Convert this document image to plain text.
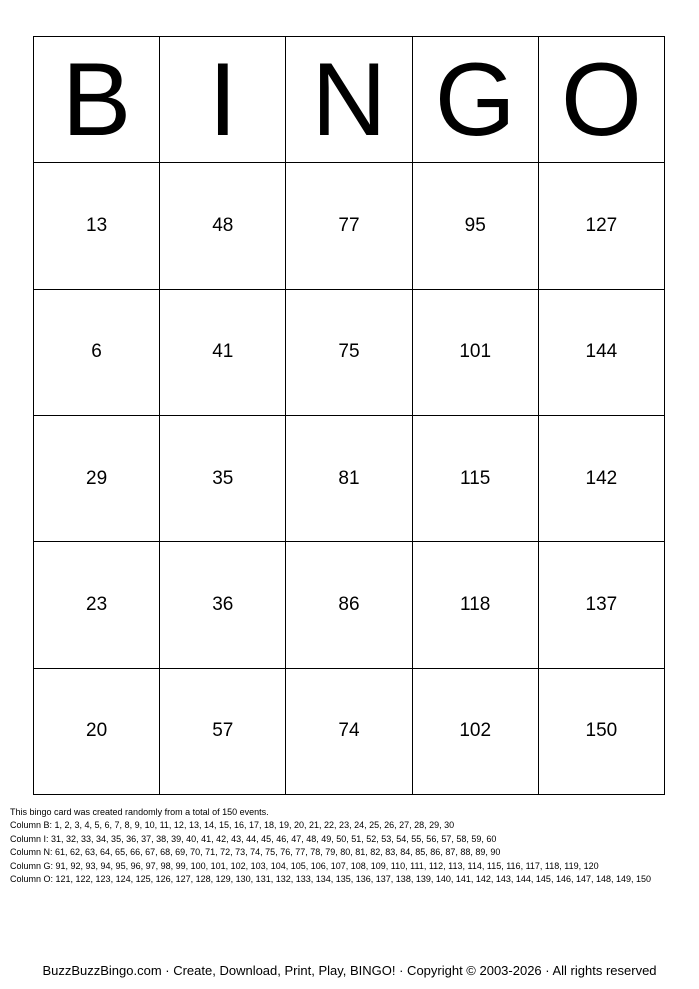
B I N G O
13	48	77	95	127
6	41	75	101	144
29	35	81	115	142
23	36	86	118	137
20	57	74	102	150
This bingo card was created randomly from a total of 150 events.
Column B: 1, 2, 3, 4, 5, 6, 7, 8, 9, 10, 11, 12, 13, 14, 15, 16, 17, 18, 19, 20, 21, 22, 23, 24, 25, 26, 27, 28, 29, 30
Column I: 31, 32, 33, 34, 35, 36, 37, 38, 39, 40, 41, 42, 43, 44, 45, 46, 47, 48, 49, 50, 51, 52, 53, 54, 55, 56, 57, 58, 59, 60
Column N: 61, 62, 63, 64, 65, 66, 67, 68, 69, 70, 71, 72, 73, 74, 75, 76, 77, 78, 79, 80, 81, 82, 83, 84, 85, 86, 87, 88, 89, 90
Column G: 91, 92, 93, 94, 95, 96, 97, 98, 99, 100, 101, 102, 103, 104, 105, 106, 107, 108, 109, 110, 111, 112, 113, 114, 115, 116, 117, 118, 119, 120
Column O: 121, 122, 123, 124, 125, 126, 127, 128, 129, 130, 131, 132, 133, 134, 135, 136, 137, 138, 139, 140, 141, 142, 143, 144, 145, 146, 147, 148, 149, 150
BuzzBuzzBingo.com · Create, Download, Print, Play, BINGO! · Copyright © 2003-2026 · All rights reserved
